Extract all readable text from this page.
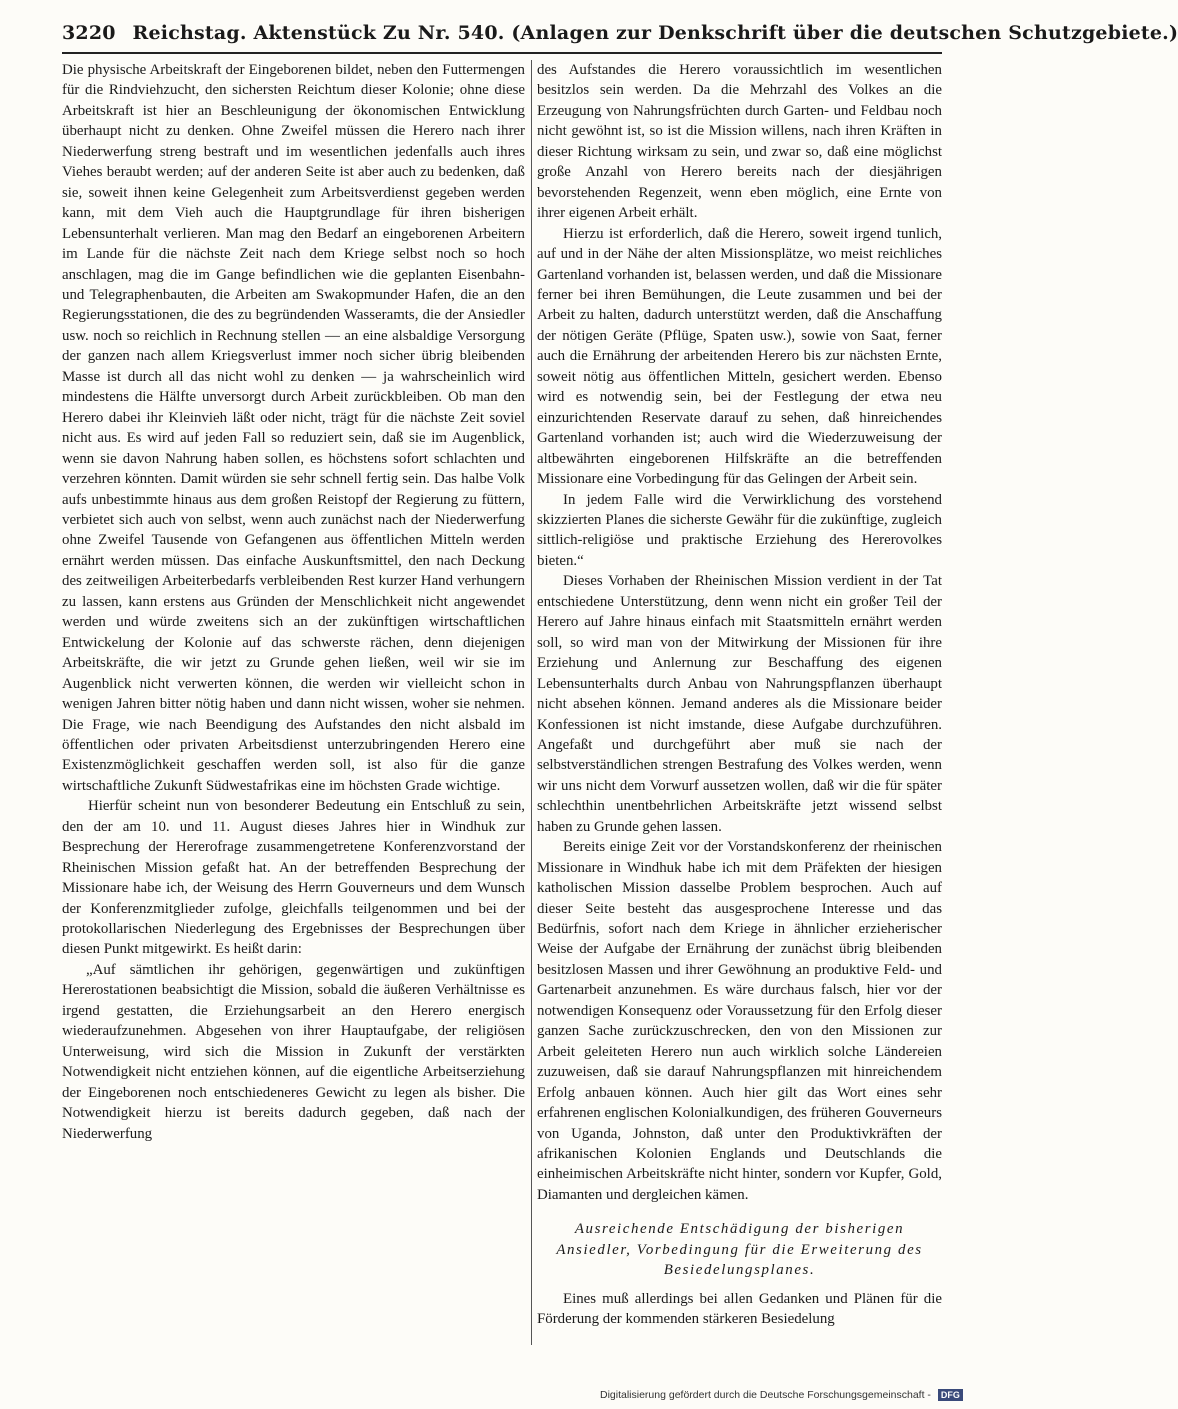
3220 Reichstag. Aktenstück Zu Nr. 540. (Anlagen zur Denkschrift über die deutschen Schutzgebiete.)

Die physische Arbeitskraft der Eingeborenen bildet, neben den Futtermengen für die Rindviehzucht, den sichersten Reichtum dieser Kolonie; ohne diese Arbeitskraft ist hier an Beschleunigung der ökonomischen Entwicklung überhaupt nicht zu denken. Ohne Zweifel müssen die Herero nach ihrer Niederwerfung streng bestraft und im wesentlichen jedenfalls auch ihres Viehes beraubt werden; auf der anderen Seite ist aber auch zu bedenken, daß sie, soweit ihnen keine Gelegenheit zum Arbeitsverdienst gegeben werden kann, mit dem Vieh auch die Hauptgrundlage für ihren bisherigen Lebensunterhalt verlieren. Man mag den Bedarf an eingeborenen Arbeitern im Lande für die nächste Zeit nach dem Kriege selbst noch so hoch anschlagen, mag die im Gange befindlichen wie die geplanten Eisenbahn- und Telegraphenbauten, die Arbeiten am Swakopmunder Hafen, die an den Regierungsstationen, die des zu begründenden Wasseramts, die der Ansiedler usw. noch so reichlich in Rechnung stellen — an eine alsbaldige Versorgung der ganzen nach allem Kriegsverlust immer noch sicher übrig bleibenden Masse ist durch all das nicht wohl zu denken — ja wahrscheinlich wird mindestens die Hälfte unversorgt durch Arbeit zurückbleiben. Ob man den Herero dabei ihr Kleinvieh läßt oder nicht, trägt für die nächste Zeit soviel nicht aus. Es wird auf jeden Fall so reduziert sein, daß sie im Augenblick, wenn sie davon Nahrung haben sollen, es höchstens sofort schlachten und verzehren könnten. Damit würden sie sehr schnell fertig sein. Das halbe Volk aufs unbestimmte hinaus aus dem großen Reistopf der Regierung zu füttern, verbietet sich auch von selbst, wenn auch zunächst nach der Niederwerfung ohne Zweifel Tausende von Gefangenen aus öffentlichen Mitteln werden ernährt werden müssen. Das einfache Auskunftsmittel, den nach Deckung des zeitweiligen Arbeiterbedarfs verbleibenden Rest kurzer Hand verhungern zu lassen, kann erstens aus Gründen der Menschlichkeit nicht angewendet werden und würde zweitens sich an der zukünftigen wirtschaftlichen Entwickelung der Kolonie auf das schwerste rächen, denn diejenigen Arbeitskräfte, die wir jetzt zu Grunde gehen ließen, weil wir sie im Augenblick nicht verwerten können, die werden wir vielleicht schon in wenigen Jahren bitter nötig haben und dann nicht wissen, woher sie nehmen. Die Frage, wie nach Beendigung des Aufstandes den nicht alsbald im öffentlichen oder privaten Arbeitsdienst unterzubringenden Herero eine Existenzmöglichkeit geschaffen werden soll, ist also für die ganze wirtschaftliche Zukunft Südwestafrikas eine im höchsten Grade wichtige.

Hierfür scheint nun von besonderer Bedeutung ein Entschluß zu sein, den der am 10. und 11. August dieses Jahres hier in Windhuk zur Besprechung der Hererofrage zusammengetretene Konferenzvorstand der Rheinischen Mission gefaßt hat. An der betreffenden Besprechung der Missionare habe ich, der Weisung des Herrn Gouverneurs und dem Wunsch der Konferenzmitglieder zufolge, gleichfalls teilgenommen und bei der protokollarischen Niederlegung des Ergebnisses der Besprechungen über diesen Punkt mitgewirkt. Es heißt darin:

„Auf sämtlichen ihr gehörigen, gegenwärtigen und zukünftigen Hererostationen beabsichtigt die Mission, sobald die äußeren Verhältnisse es irgend gestatten, die Erziehungsarbeit an den Herero energisch wiederaufzunehmen. Abgesehen von ihrer Hauptaufgabe, der religiösen Unterweisung, wird sich die Mission in Zukunft der verstärkten Notwendigkeit nicht entziehen können, auf die eigentliche Arbeitserziehung der Eingeborenen noch entschiedeneres Gewicht zu legen als bisher. Die Notwendigkeit hierzu ist bereits dadurch gegeben, daß nach der Niederwerfung

des Aufstandes die Herero voraussichtlich im wesentlichen besitzlos sein werden. Da die Mehrzahl des Volkes an die Erzeugung von Nahrungsfrüchten durch Garten- und Feldbau noch nicht gewöhnt ist, so ist die Mission willens, nach ihren Kräften in dieser Richtung wirksam zu sein, und zwar so, daß eine möglichst große Anzahl von Herero bereits nach der diesjährigen bevorstehenden Regenzeit, wenn eben möglich, eine Ernte von ihrer eigenen Arbeit erhält.

Hierzu ist erforderlich, daß die Herero, soweit irgend tunlich, auf und in der Nähe der alten Missionsplätze, wo meist reichliches Gartenland vorhanden ist, belassen werden, und daß die Missionare ferner bei ihren Bemühungen, die Leute zusammen und bei der Arbeit zu halten, dadurch unterstützt werden, daß die Anschaffung der nötigen Geräte (Pflüge, Spaten usw.), sowie von Saat, ferner auch die Ernährung der arbeitenden Herero bis zur nächsten Ernte, soweit nötig aus öffentlichen Mitteln, gesichert werden. Ebenso wird es notwendig sein, bei der Festlegung der etwa neu einzurichtenden Reservate darauf zu sehen, daß hinreichendes Gartenland vorhanden ist; auch wird die Wiederzuweisung der altbewährten eingeborenen Hilfskräfte an die betreffenden Missionare eine Vorbedingung für das Gelingen der Arbeit sein.

In jedem Falle wird die Verwirklichung des vorstehend skizzierten Planes die sicherste Gewähr für die zukünftige, zugleich sittlich-religiöse und praktische Erziehung des Hererovolkes bieten.“

Dieses Vorhaben der Rheinischen Mission verdient in der Tat entschiedene Unterstützung, denn wenn nicht ein großer Teil der Herero auf Jahre hinaus einfach mit Staatsmitteln ernährt werden soll, so wird man von der Mitwirkung der Missionen für ihre Erziehung und Anlernung zur Beschaffung des eigenen Lebensunterhalts durch Anbau von Nahrungspflanzen überhaupt nicht absehen können. Jemand anderes als die Missionare beider Konfessionen ist nicht imstande, diese Aufgabe durchzuführen. Angefaßt und durchgeführt aber muß sie nach der selbstverständlichen strengen Bestrafung des Volkes werden, wenn wir uns nicht dem Vorwurf aussetzen wollen, daß wir die für später schlechthin unentbehrlichen Arbeitskräfte jetzt wissend selbst haben zu Grunde gehen lassen.

Bereits einige Zeit vor der Vorstandskonferenz der rheinischen Missionare in Windhuk habe ich mit dem Präfekten der hiesigen katholischen Mission dasselbe Problem besprochen. Auch auf dieser Seite besteht das ausgesprochene Interesse und das Bedürfnis, sofort nach dem Kriege in ähnlicher erzieherischer Weise der Aufgabe der Ernährung der zunächst übrig bleibenden besitzlosen Massen und ihrer Gewöhnung an produktive Feld- und Gartenarbeit anzunehmen. Es wäre durchaus falsch, hier vor der notwendigen Konsequenz oder Voraussetzung für den Erfolg dieser ganzen Sache zurückzuschrecken, den von den Missionen zur Arbeit geleiteten Herero nun auch wirklich solche Ländereien zuzuweisen, daß sie darauf Nahrungspflanzen mit hinreichendem Erfolg anbauen können. Auch hier gilt das Wort eines sehr erfahrenen englischen Kolonialkundigen, des früheren Gouverneurs von Uganda, Johnston, daß unter den Produktivkräften der afrikanischen Kolonien Englands und Deutschlands die einheimischen Arbeitskräfte nicht hinter, sondern vor Kupfer, Gold, Diamanten und dergleichen kämen.

Ausreichende Entschädigung der bisherigen Ansiedler, Vorbedingung für die Erweiterung des Besiedelungsplanes.

Eines muß allerdings bei allen Gedanken und Plänen für die Förderung der kommenden stärkeren Besiedelung

Digitalisierung gefördert durch die Deutsche Forschungsgemeinschaft - DFG
